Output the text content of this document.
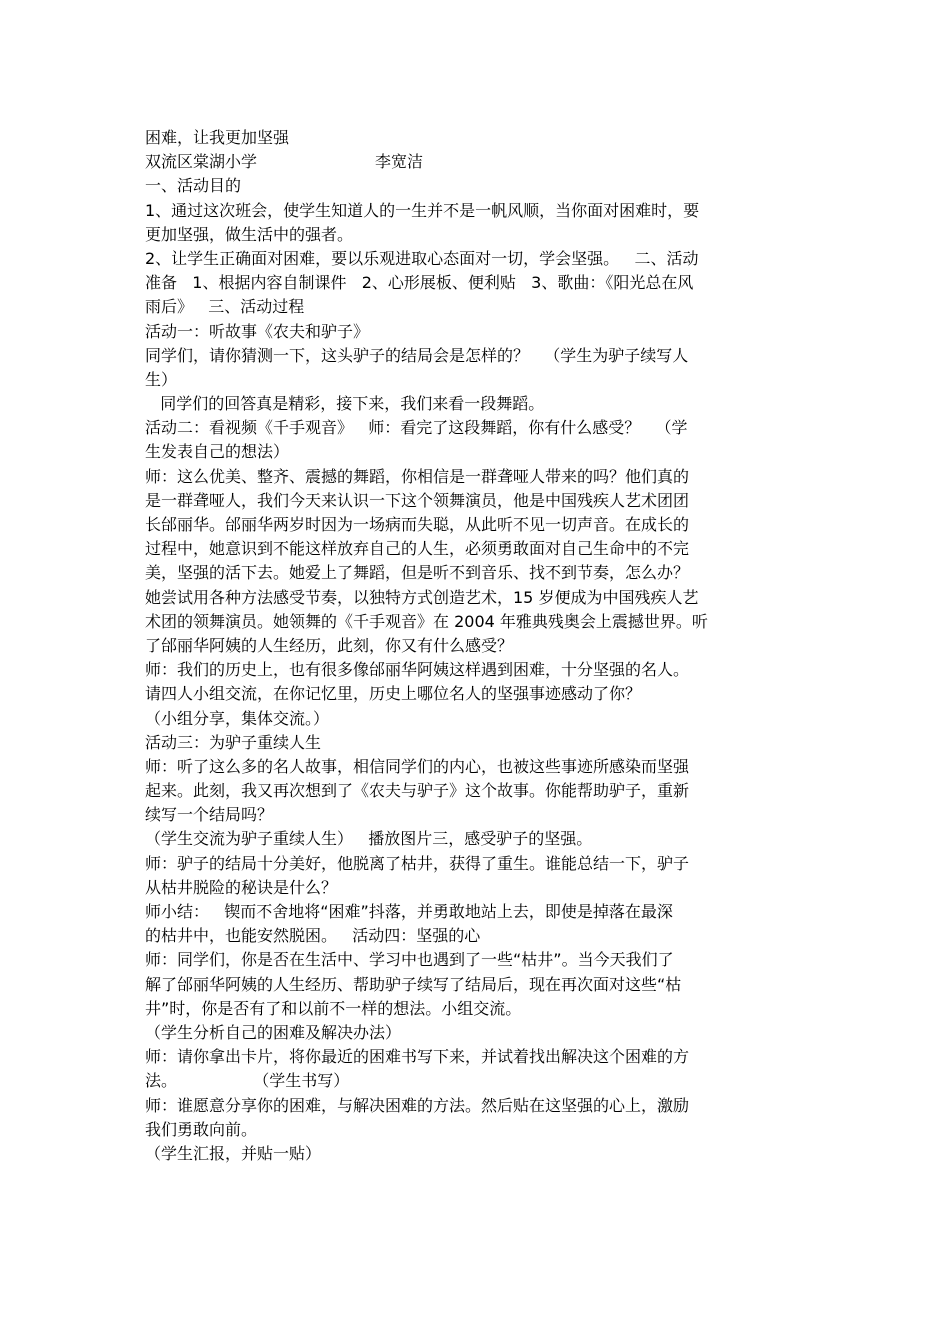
困难，让我更加坚强
双流区棠湖小学	李宽洁
一、活动目的
1、通过这次班会，使学生知道人的一生并不是一帆风顺，当你面对困难时，要
更加坚强，做生活中的强者。
2、让学生正确面对困难，要以乐观进取心态面对一切，学会坚强。   二、活动
准备   1、根据内容自制课件   2、心形展板、便利贴   3、歌曲：《阳光总在风
雨后》   三、活动过程
活动一：听故事《农夫和驴子》
同学们，请你猜测一下，这头驴子的结局会是怎样的？   （学生为驴子续写人
生）
同学们的回答真是精彩，接下来，我们来看一段舞蹈。
活动二：看视频《千手观音》   师：看完了这段舞蹈，你有什么感受？   （学
生发表自己的想法）
师：这么优美、整齐、震撼的舞蹈，你相信是一群聋哑人带来的吗？他们真的
是一群聋哑人，我们今天来认识一下这个领舞演员，他是中国残疾人艺术团团
长邰丽华。邰丽华两岁时因为一场病而失聪，从此听不见一切声音。在成长的
过程中，她意识到不能这样放弃自己的人生，必须勇敢面对自己生命中的不完
美，坚强的活下去。她爱上了舞蹈，但是听不到音乐、找不到节奏，怎么办？
她尝试用各种方法感受节奏，以独特方式创造艺术，15 岁便成为中国残疾人艺
术团的领舞演员。她领舞的《千手观音》在 2004 年雅典残奥会上震撼世界。听
了邰丽华阿姨的人生经历，此刻，你又有什么感受？
师：我们的历史上，也有很多像邰丽华阿姨这样遇到困难，十分坚强的名人。
请四人小组交流，在你记忆里，历史上哪位名人的坚强事迹感动了你？
（小组分享，集体交流。）
活动三：为驴子重续人生
师：听了这么多的名人故事，相信同学们的内心，也被这些事迹所感染而坚强
起来。此刻，我又再次想到了《农夫与驴子》这个故事。你能帮助驴子，重新
续写一个结局吗？
（学生交流为驴子重续人生）   播放图片三，感受驴子的坚强。
师：驴子的结局十分美好，他脱离了枯井，获得了重生。谁能总结一下，驴子
从枯井脱险的秘诀是什么？
师小结：   锲而不舍地将“困难”抖落，并勇敢地站上去，即使是掉落在最深
的枯井中，也能安然脱困。   活动四：坚强的心
师：同学们，你是否在生活中、学习中也遇到了一些“枯井”。当今天我们了
解了邰丽华阿姨的人生经历、帮助驴子续写了结局后，现在再次面对这些“枯
井”时，你是否有了和以前不一样的想法。小组交流。
（学生分析自己的困难及解决办法）
师：请你拿出卡片，将你最近的困难书写下来，并试着找出解决这个困难的方
法。               （学生书写）
师：谁愿意分享你的困难，与解决困难的方法。然后贴在这坚强的心上，激励
我们勇敢向前。
（学生汇报，并贴一贴）
